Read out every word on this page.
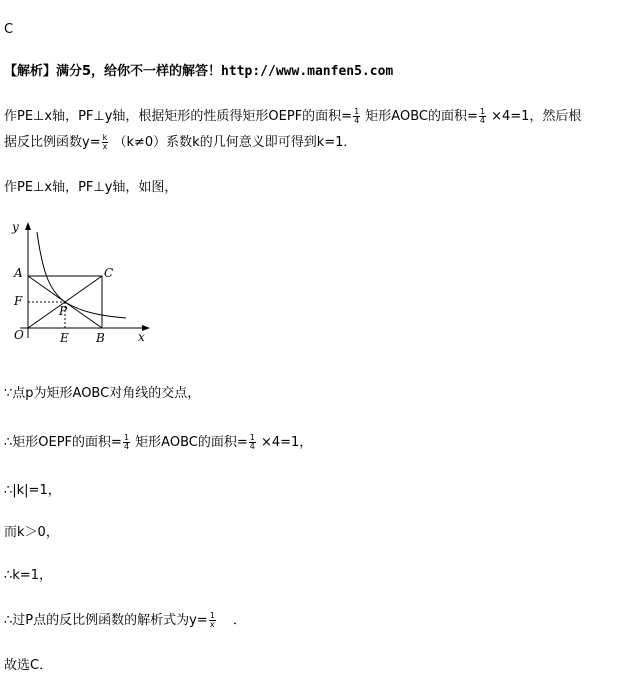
C
【解析】满分5，给你不一样的解答！http://www.manfen5.com
作PE⊥x轴，PF⊥y轴，根据矩形的性质得矩形OEPF的面积= $\frac{1}{4}$ 矩形AOBC的面积= $\frac{1}{4} \times 4=1$，然后根
据反比例函数$y= \frac{k}{x} (k\ne 0)$系数k的几何意义即可得到k=1．
作PE⊥x轴，PF⊥y轴，如图，
y
x
A	C
F
P
O	E B
∵点p为矩形AOBC对角线的交点，
∴矩形OEPF的面积= $\frac{1}{4}$ 矩形AOBC的面积= $\frac{1}{4} \times 4=1$，
∴|k|=1，
而k＞0，
∴k=1，
∴过P点的反比例函数的解析式为$y= \frac{1}{x}$ ．
故选C．
